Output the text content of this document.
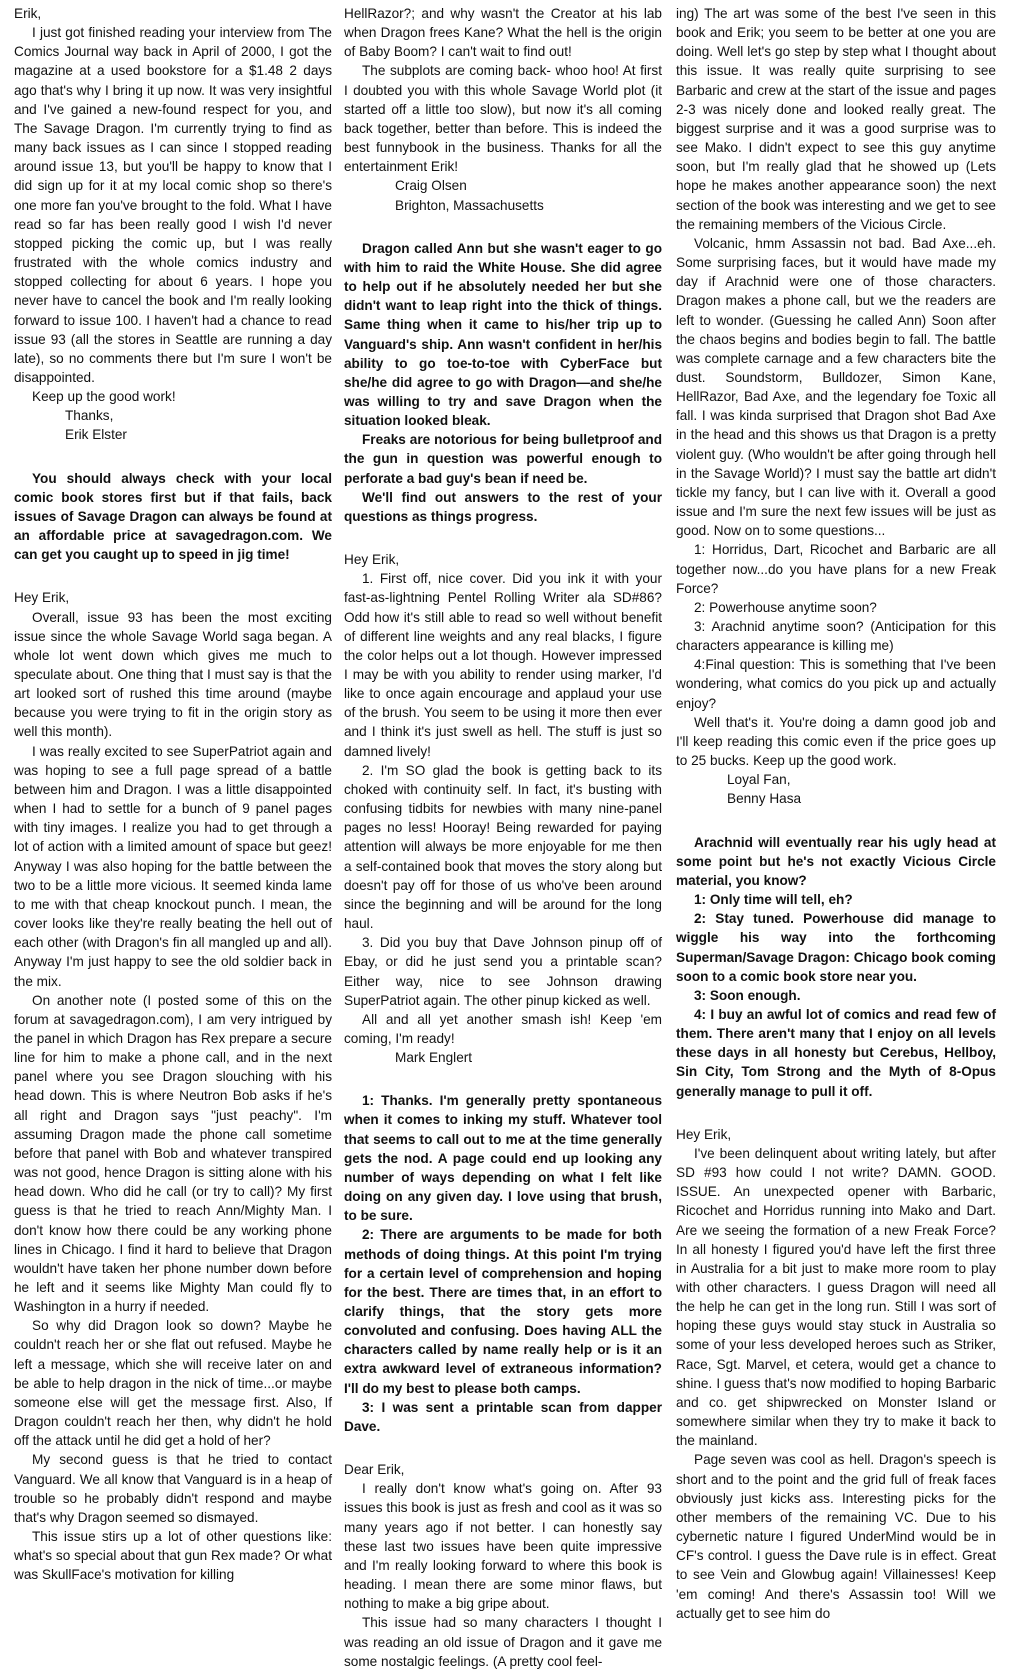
Erik,

I just got finished reading your interview from The Comics Journal way back in April of 2000, I got the magazine at a used bookstore for a $1.48 2 days ago that's why I bring it up now. It was very insightful and I've gained a new-found respect for you, and The Savage Dragon. I'm currently trying to find as many back issues as I can since I stopped reading around issue 13, but you'll be happy to know that I did sign up for it at my local comic shop so there's one more fan you've brought to the fold. What I have read so far has been really good I wish I'd never stopped picking the comic up, but I was really frustrated with the whole comics industry and stopped collecting for about 6 years. I hope you never have to cancel the book and I'm really looking forward to issue 100. I haven't had a chance to read issue 93 (all the stores in Seattle are running a day late), so no comments there but I'm sure I won't be disappointed.

Keep up the good work!

Thanks,

Erik Elster

You should always check with your local comic book stores first but if that fails, back issues of Savage Dragon can always be found at an affordable price at savagedragon.com. We can get you caught up to speed in jig time!

Hey Erik,

Overall, issue 93 has been the most exciting issue since the whole Savage World saga began. A whole lot went down which gives me much to speculate about. One thing that I must say is that the art looked sort of rushed this time around (maybe because you were trying to fit in the origin story as well this month).

I was really excited to see SuperPatriot again and was hoping to see a full page spread of a battle between him and Dragon. I was a little disappointed when I had to settle for a bunch of 9 panel pages with tiny images. I realize you had to get through a lot of action with a limited amount of space but geez! Anyway I was also hoping for the battle between the two to be a little more vicious. It seemed kinda lame to me with that cheap knockout punch. I mean, the cover looks like they're really beating the hell out of each other (with Dragon's fin all mangled up and all). Anyway I'm just happy to see the old soldier back in the mix.

On another note (I posted some of this on the forum at savagedragon.com), I am very intrigued by the panel in which Dragon has Rex prepare a secure line for him to make a phone call, and in the next panel where you see Dragon slouching with his head down. This is where Neutron Bob asks if he's all right and Dragon says "just peachy". I'm assuming Dragon made the phone call sometime before that panel with Bob and whatever transpired was not good, hence Dragon is sitting alone with his head down. Who did he call (or try to call)? My first guess is that he tried to reach Ann/Mighty Man. I don't know how there could be any working phone lines in Chicago. I find it hard to believe that Dragon wouldn't have taken her phone number down before he left and it seems like Mighty Man could fly to Washington in a hurry if needed.

So why did Dragon look so down? Maybe he couldn't reach her or she flat out refused. Maybe he left a message, which she will receive later on and be able to help dragon in the nick of time...or maybe someone else will get the message first. Also, If Dragon couldn't reach her then, why didn't he hold off the attack until he did get a hold of her?

My second guess is that he tried to contact Vanguard. We all know that Vanguard is in a heap of trouble so he probably didn't respond and maybe that's why Dragon seemed so dismayed.

This issue stirs up a lot of other questions like: what's so special about that gun Rex made? Or what was SkullFace's motivation for killing

HellRazor?; and why wasn't the Creator at his lab when Dragon frees Kane? What the hell is the origin of Baby Boom? I can't wait to find out!

The subplots are coming back- whoo hoo! At first I doubted you with this whole Savage World plot (it started off a little too slow), but now it's all coming back together, better than before. This is indeed the best funnybook in the business. Thanks for all the entertainment Erik!

Craig Olsen

Brighton, Massachusetts

Dragon called Ann but she wasn't eager to go with him to raid the White House. She did agree to help out if he absolutely needed her but she didn't want to leap right into the thick of things. Same thing when it came to his/her trip up to Vanguard's ship. Ann wasn't confident in her/his ability to go toe-to-toe with CyberFace but she/he did agree to go with Dragon—and she/he was willing to try and save Dragon when the situation looked bleak.

Freaks are notorious for being bulletproof and the gun in question was powerful enough to perforate a bad guy's bean if need be.

We'll find out answers to the rest of your questions as things progress.

Hey Erik,

1. First off, nice cover. Did you ink it with your fast-as-lightning Pentel Rolling Writer ala SD#86? Odd how it's still able to read so well without benefit of different line weights and any real blacks, I figure the color helps out a lot though. However impressed I may be with you ability to render using marker, I'd like to once again encourage and applaud your use of the brush. You seem to be using it more then ever and I think it's just swell as hell. The stuff is just so damned lively!

2. I'm SO glad the book is getting back to its choked with continuity self. In fact, it's busting with confusing tidbits for newbies with many nine-panel pages no less! Hooray! Being rewarded for paying attention will always be more enjoyable for me then a self-contained book that moves the story along but doesn't pay off for those of us who've been around since the beginning and will be around for the long haul.

3. Did you buy that Dave Johnson pinup off of Ebay, or did he just send you a printable scan? Either way, nice to see Johnson drawing SuperPatriot again. The other pinup kicked as well.

All and all yet another smash ish! Keep 'em coming, I'm ready!

Mark Englert

1: Thanks. I'm generally pretty spontaneous when it comes to inking my stuff. Whatever tool that seems to call out to me at the time generally gets the nod. A page could end up looking any number of ways depending on what I felt like doing on any given day. I love using that brush, to be sure.

2: There are arguments to be made for both methods of doing things. At this point I'm trying for a certain level of comprehension and hoping for the best. There are times that, in an effort to clarify things, that the story gets more convoluted and confusing. Does having ALL the characters called by name really help or is it an extra awkward level of extraneous information? I'll do my best to please both camps.

3: I was sent a printable scan from dapper Dave.

Dear Erik,

I really don't know what's going on. After 93 issues this book is just as fresh and cool as it was so many years ago if not better. I can honestly say these last two issues have been quite impressive and I'm really looking forward to where this book is heading. I mean there are some minor flaws, but nothing to make a big gripe about.

This issue had so many characters I thought I was reading an old issue of Dragon and it gave me some nostalgic feelings. (A pretty cool feel-

ing) The art was some of the best I've seen in this book and Erik; you seem to be better at one you are doing. Well let's go step by step what I thought about this issue. It was really quite surprising to see Barbaric and crew at the start of the issue and pages 2-3 was nicely done and looked really great. The biggest surprise and it was a good surprise was to see Mako. I didn't expect to see this guy anytime soon, but I'm really glad that he showed up (Lets hope he makes another appearance soon) the next section of the book was interesting and we get to see the remaining members of the Vicious Circle.

Volcanic, hmm Assassin not bad. Bad Axe...eh. Some surprising faces, but it would have made my day if Arachnid were one of those characters. Dragon makes a phone call, but we the readers are left to wonder. (Guessing he called Ann) Soon after the chaos begins and bodies begin to fall. The battle was complete carnage and a few characters bite the dust. Soundstorm, Bulldozer, Simon Kane, HellRazor, Bad Axe, and the legendary foe Toxic all fall. I was kinda surprised that Dragon shot Bad Axe in the head and this shows us that Dragon is a pretty violent guy. (Who wouldn't be after going through hell in the Savage World)? I must say the battle art didn't tickle my fancy, but I can live with it. Overall a good issue and I'm sure the next few issues will be just as good. Now on to some questions...

1: Horridus, Dart, Ricochet and Barbaric are all together now...do you have plans for a new Freak Force?

2: Powerhouse anytime soon?

3: Arachnid anytime soon? (Anticipation for this characters appearance is killing me)

4:Final question: This is something that I've been wondering, what comics do you pick up and actually enjoy?

Well that's it. You're doing a damn good job and I'll keep reading this comic even if the price goes up to 25 bucks. Keep up the good work.

Loyal Fan,

Benny Hasa

Arachnid will eventually rear his ugly head at some point but he's not exactly Vicious Circle material, you know?

1: Only time will tell, eh?

2: Stay tuned. Powerhouse did manage to wiggle his way into the forthcoming Superman/Savage Dragon: Chicago book coming soon to a comic book store near you.

3: Soon enough.

4: I buy an awful lot of comics and read few of them. There aren't many that I enjoy on all levels these days in all honesty but Cerebus, Hellboy, Sin City, Tom Strong and the Myth of 8-Opus generally manage to pull it off.

Hey Erik,

I've been delinquent about writing lately, but after SD #93 how could I not write? DAMN. GOOD. ISSUE. An unexpected opener with Barbaric, Ricochet and Horridus running into Mako and Dart. Are we seeing the formation of a new Freak Force? In all honesty I figured you'd have left the first three in Australia for a bit just to make more room to play with other characters. I guess Dragon will need all the help he can get in the long run. Still I was sort of hoping these guys would stay stuck in Australia so some of your less developed heroes such as Striker, Race, Sgt. Marvel, et cetera, would get a chance to shine. I guess that's now modified to hoping Barbaric and co. get shipwrecked on Monster Island or somewhere similar when they try to make it back to the mainland.

Page seven was cool as hell. Dragon's speech is short and to the point and the grid full of freak faces obviously just kicks ass. Interesting picks for the other members of the remaining VC. Due to his cybernetic nature I figured UnderMind would be in CF's control. I guess the Dave rule is in effect. Great to see Vein and Glowbug again! Villainesses! Keep 'em coming! And there's Assassin too! Will we actually get to see him do
